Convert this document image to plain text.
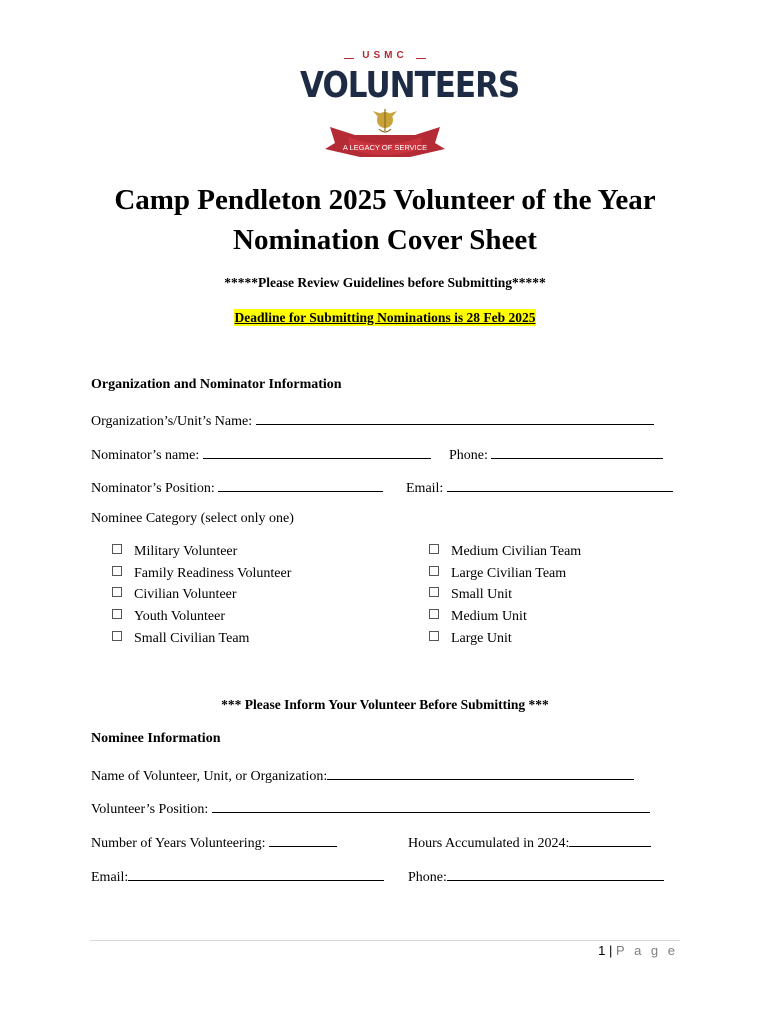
USMC
VOLUNTEERS
A LEGACY OF SERVICE
Camp Pendleton 2025 Volunteer of the Year
Nomination Cover Sheet
*****Please Review Guidelines before Submitting*****
Deadline for Submitting Nominations is 28 Feb 2025
Organization and Nominator Information
Organization’s/Unit’s Name:
Nominator’s name:	Phone:
Nominator’s Position:	Email:
Nominee Category (select only one)
Military Volunteer
Family Readiness Volunteer
Civilian Volunteer
Youth Volunteer
Small Civilian Team
Medium Civilian Team
Large Civilian Team
Small Unit
Medium Unit
Large Unit
*** Please Inform Your Volunteer Before Submitting ***
Nominee Information
Name of Volunteer, Unit, or Organization:
Volunteer’s Position:
Number of Years Volunteering:	Hours Accumulated in 2024:
Email:	Phone:
1 | P a g e
